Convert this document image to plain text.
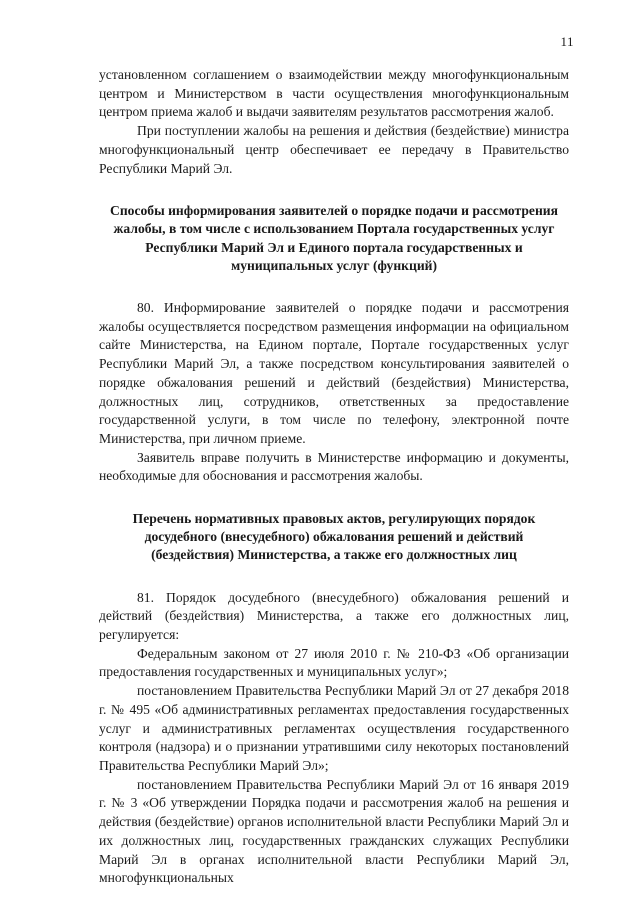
11

установленном соглашением о взаимодействии между многофункциональным центром и Министерством в части осуществления многофункциональным центром приема жалоб и выдачи заявителям результатов рассмотрения жалоб.

При поступлении жалобы на решения и действия (бездействие) министра многофункциональный центр обеспечивает ее передачу в Правительство Республики Марий Эл.

Способы информирования заявителей о порядке подачи и рассмотрения жалобы, в том числе с использованием Портала государственных услуг Республики Марий Эл и Единого портала государственных и муниципальных услуг (функций)

80. Информирование заявителей о порядке подачи и рассмотрения жалобы осуществляется посредством размещения информации на официальном сайте Министерства, на Едином портале, Портале государственных услуг Республики Марий Эл, а также посредством консультирования заявителей о порядке обжалования решений и действий (бездействия) Министерства, должностных лиц, сотрудников, ответственных за предоставление государственной услуги, в том числе по телефону, электронной почте Министерства, при личном приеме.

Заявитель вправе получить в Министерстве информацию и документы, необходимые для обоснования и рассмотрения жалобы.

Перечень нормативных правовых актов, регулирующих порядок досудебного (внесудебного) обжалования решений и действий (бездействия) Министерства, а также его должностных лиц

81. Порядок досудебного (внесудебного) обжалования решений и действий (бездействия) Министерства, а также его должностных лиц, регулируется:

Федеральным законом от 27 июля 2010 г. № 210-ФЗ «Об организации предоставления государственных и муниципальных услуг»;

постановлением Правительства Республики Марий Эл от 27 декабря 2018 г. № 495 «Об административных регламентах предоставления государственных услуг и административных регламентах осуществления государственного контроля (надзора) и о признании утратившими силу некоторых постановлений Правительства Республики Марий Эл»;

постановлением Правительства Республики Марий Эл от 16 января 2019 г. № 3 «Об утверждении Порядка подачи и рассмотрения жалоб на решения и действия (бездействие) органов исполнительной власти Республики Марий Эл и их должностных лиц, государственных гражданских служащих Республики Марий Эл в органах исполнительной власти Республики Марий Эл, многофункциональных
